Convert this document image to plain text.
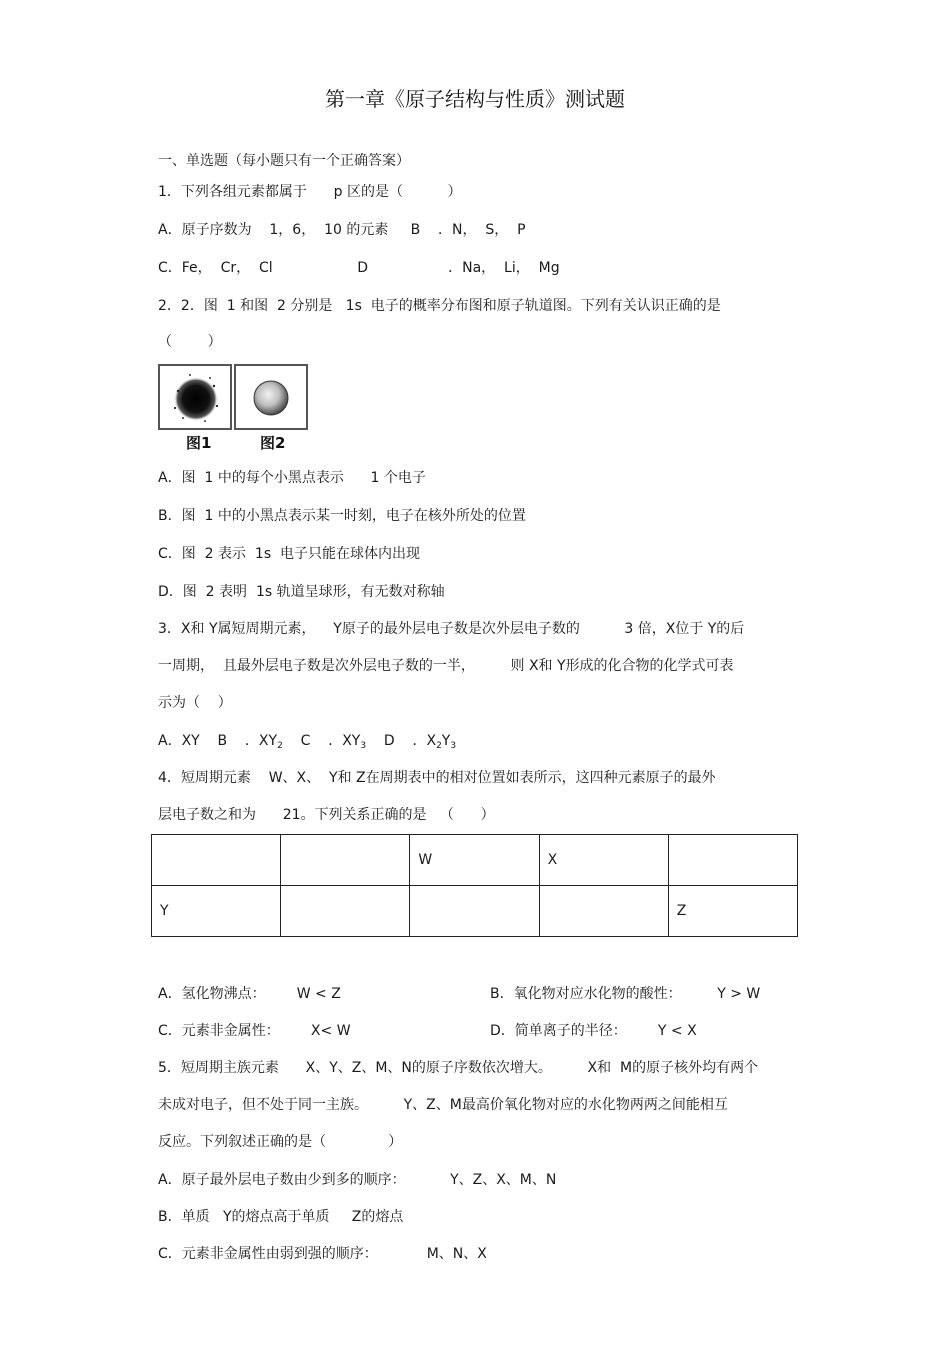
第一章《原子结构与性质》测试题
一、单选题（每小题只有一个正确答案）
1．下列各组元素都属于      p 区的是（          ）
A．原子序数为    1，6，  10 的元素     B    ．N，  S，  P
C．Fe，  Cr，  Cl                   D                  ．Na，  Li，  Mg
2．2．图  1 和图  2 分别是   1s  电子的概率分布图和原子轨道图。下列有关认识正确的是
（        ）
图1	图2
A．图  1 中的每个小黑点表示      1 个电子
B．图  1 中的小黑点表示某一时刻，电子在核外所处的位置
C．图  2 表示  1s  电子只能在球体内出现
D．图  2 表明  1s 轨道呈球形，有无数对称轴
3．X和 Y属短周期元素，    Y原子的最外层电子数是次外层电子数的          3 倍，X位于 Y的后
一周期，  且最外层电子数是次外层电子数的一半，        则 X和 Y形成的化合物的化学式可表
示为（    ）
A．XY    B    ．$XY_2$    C    ．$XY_3$    D    ．$X_2Y_3$
4．短周期元素    W、X、  Y和 Z在周期表中的相对位置如表所示，这四种元素原子的最外
层电子数之和为      21。下列关系正确的是   （      ）
		W	X	
Y				Z
A．氢化物沸点：       W < Z	B．氧化物对应水化物的酸性：        Y > W
C．元素非金属性：       X< W	D．简单离子的半径：       Y < X
5．短周期主族元素      X、Y、Z、M、N的原子序数依次增大。        X和  M的原子核外均有两个
未成对电子，但不处于同一主族。        Y、Z、M最高价氧化物对应的水化物两两之间能相互
反应。下列叙述正确的是（              ）
A．原子最外层电子数由少到多的顺序：          Y、Z、X、M、N
B．单质   Y的熔点高于单质     Z的熔点
C．元素非金属性由弱到强的顺序：           M、N、X
